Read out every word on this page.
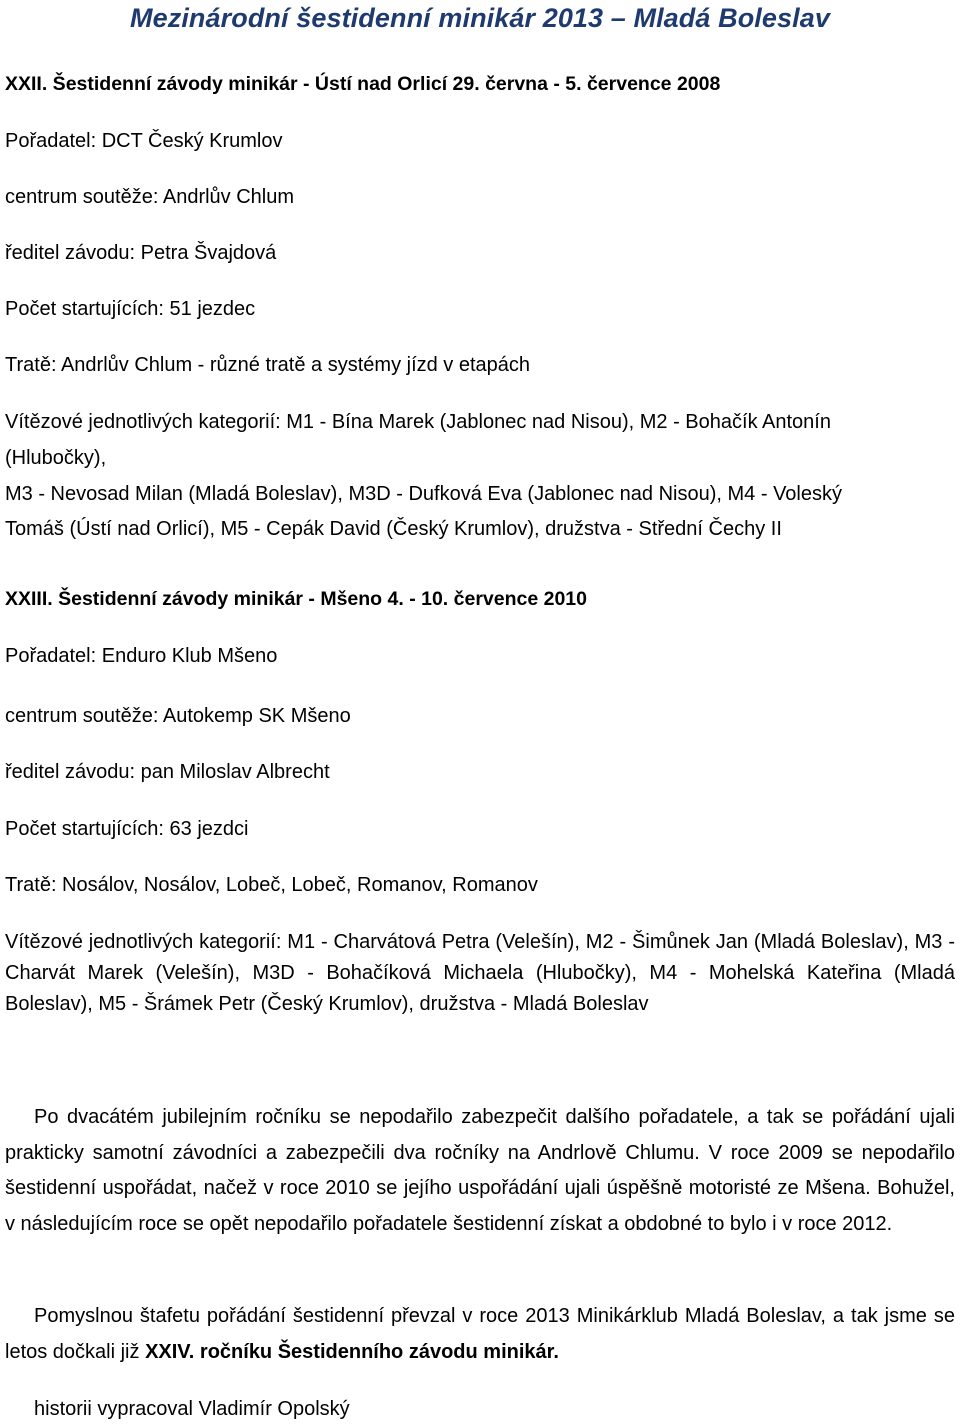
Mezinárodní šestidenní minikár 2013 – Mladá Boleslav
XXII. Šestidenní závody minikár - Ústí nad Orlicí 29. června - 5. července 2008
Pořadatel: DCT Český Krumlov
centrum soutěže: Andrlův Chlum
ředitel závodu: Petra Švajdová
Počet startujících: 51 jezdec
Tratě: Andrlův Chlum - různé tratě a systémy jízd v etapách
Vítězové jednotlivých kategorií: M1 - Bína Marek (Jablonec nad Nisou), M2 - Bohačík Antonín
(Hlubočky),
M3 - Nevosad Milan (Mladá Boleslav), M3D - Dufková Eva (Jablonec nad Nisou), M4 - Voleský
Tomáš (Ústí nad Orlicí), M5 - Cepák David (Český Krumlov), družstva - Střední Čechy II
XXIII. Šestidenní závody minikár - Mšeno 4. - 10. července 2010
Pořadatel: Enduro Klub Mšeno
centrum soutěže: Autokemp SK Mšeno
ředitel závodu: pan Miloslav Albrecht
Počet startujících: 63 jezdci
Tratě: Nosálov, Nosálov, Lobeč, Lobeč, Romanov, Romanov
Vítězové jednotlivých kategorií: M1 - Charvátová Petra (Velešín), M2 - Šimůnek Jan (Mladá Boleslav), M3 - Charvát Marek (Velešín), M3D - Bohačíková Michaela (Hlubočky), M4 - Mohelská Kateřina (Mladá Boleslav), M5 - Šrámek Petr (Český Krumlov), družstva - Mladá Boleslav
Po dvacátém jubilejním ročníku se nepodařilo zabezpečit dalšího pořadatele, a tak se pořádání ujali prakticky samotní závodníci a zabezpečili dva ročníky na Andrlově Chlumu. V roce 2009 se nepodařilo šestidenní uspořádat, načež v roce 2010 se jejího uspořádání ujali úspěšně motoristé ze Mšena. Bohužel, v následujícím roce se opět nepodařilo pořadatele šestidenní získat a obdobné to bylo i v roce 2012.
Pomyslnou štafetu pořádání šestidenní převzal v roce 2013 Minikárklub Mladá Boleslav, a tak jsme se letos dočkali již XXIV. ročníku Šestidenního závodu minikár.
historii vypracoval Vladimír Opolský
